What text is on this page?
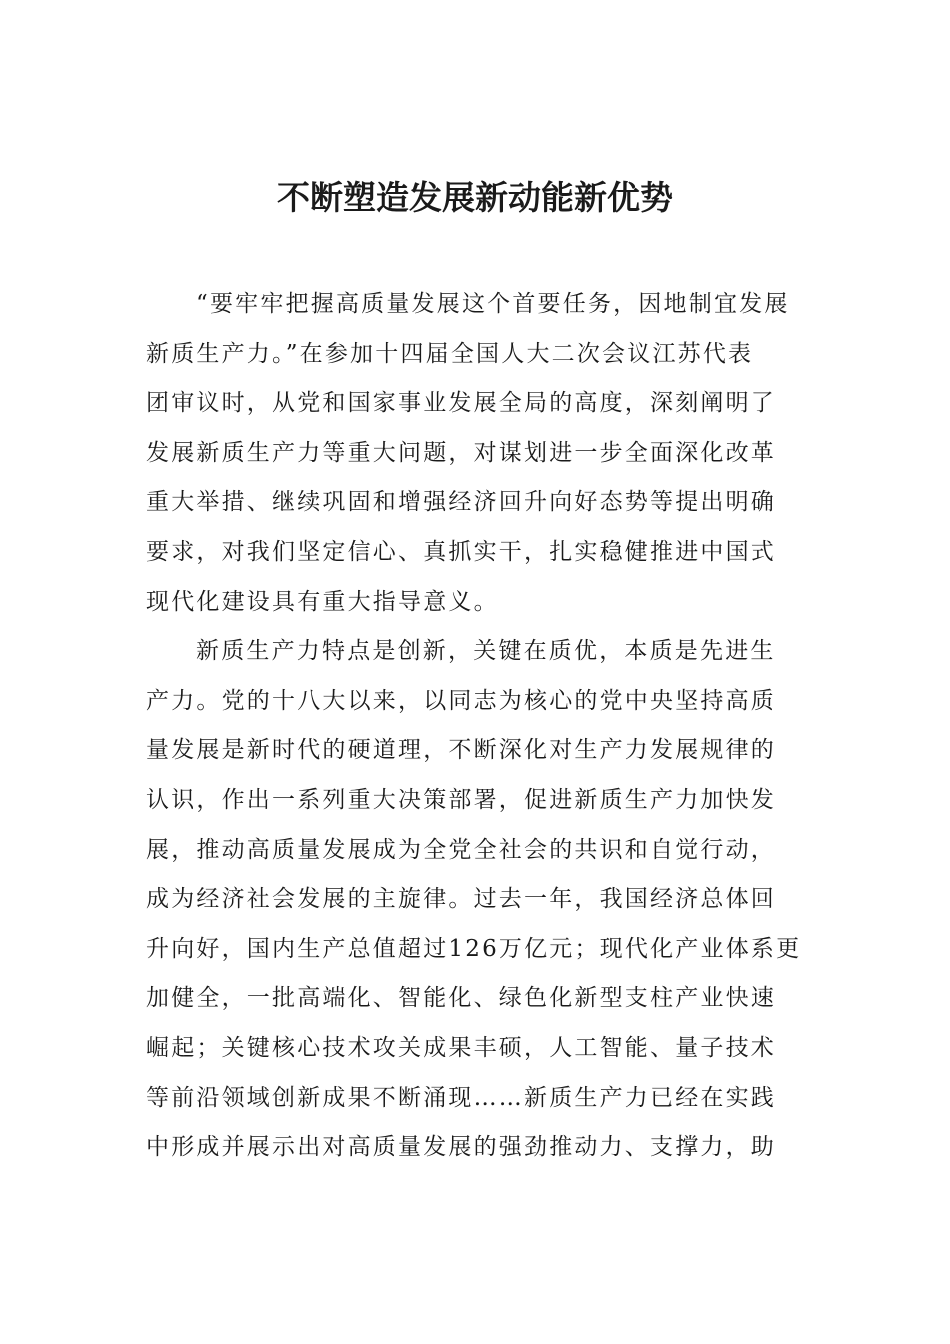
不断塑造发展新动能新优势
“要牢牢把握高质量发展这个首要任务，因地制宜发展
新质生产力。”在参加十四届全国人大二次会议江苏代表
团审议时，从党和国家事业发展全局的高度，深刻阐明了
发展新质生产力等重大问题，对谋划进一步全面深化改革
重大举措、继续巩固和增强经济回升向好态势等提出明确
要求，对我们坚定信心、真抓实干，扎实稳健推进中国式
现代化建设具有重大指导意义。
新质生产力特点是创新，关键在质优，本质是先进生
产力。党的十八大以来，以同志为核心的党中央坚持高质
量发展是新时代的硬道理，不断深化对生产力发展规律的
认识，作出一系列重大决策部署，促进新质生产力加快发
展，推动高质量发展成为全党全社会的共识和自觉行动，
成为经济社会发展的主旋律。过去一年，我国经济总体回
升向好，国内生产总值超过126万亿元；现代化产业体系更
加健全，一批高端化、智能化、绿色化新型支柱产业快速
崛起；关键核心技术攻关成果丰硕，人工智能、量子技术
等前沿领域创新成果不断涌现……新质生产力已经在实践
中形成并展示出对高质量发展的强劲推动力、支撑力，助
